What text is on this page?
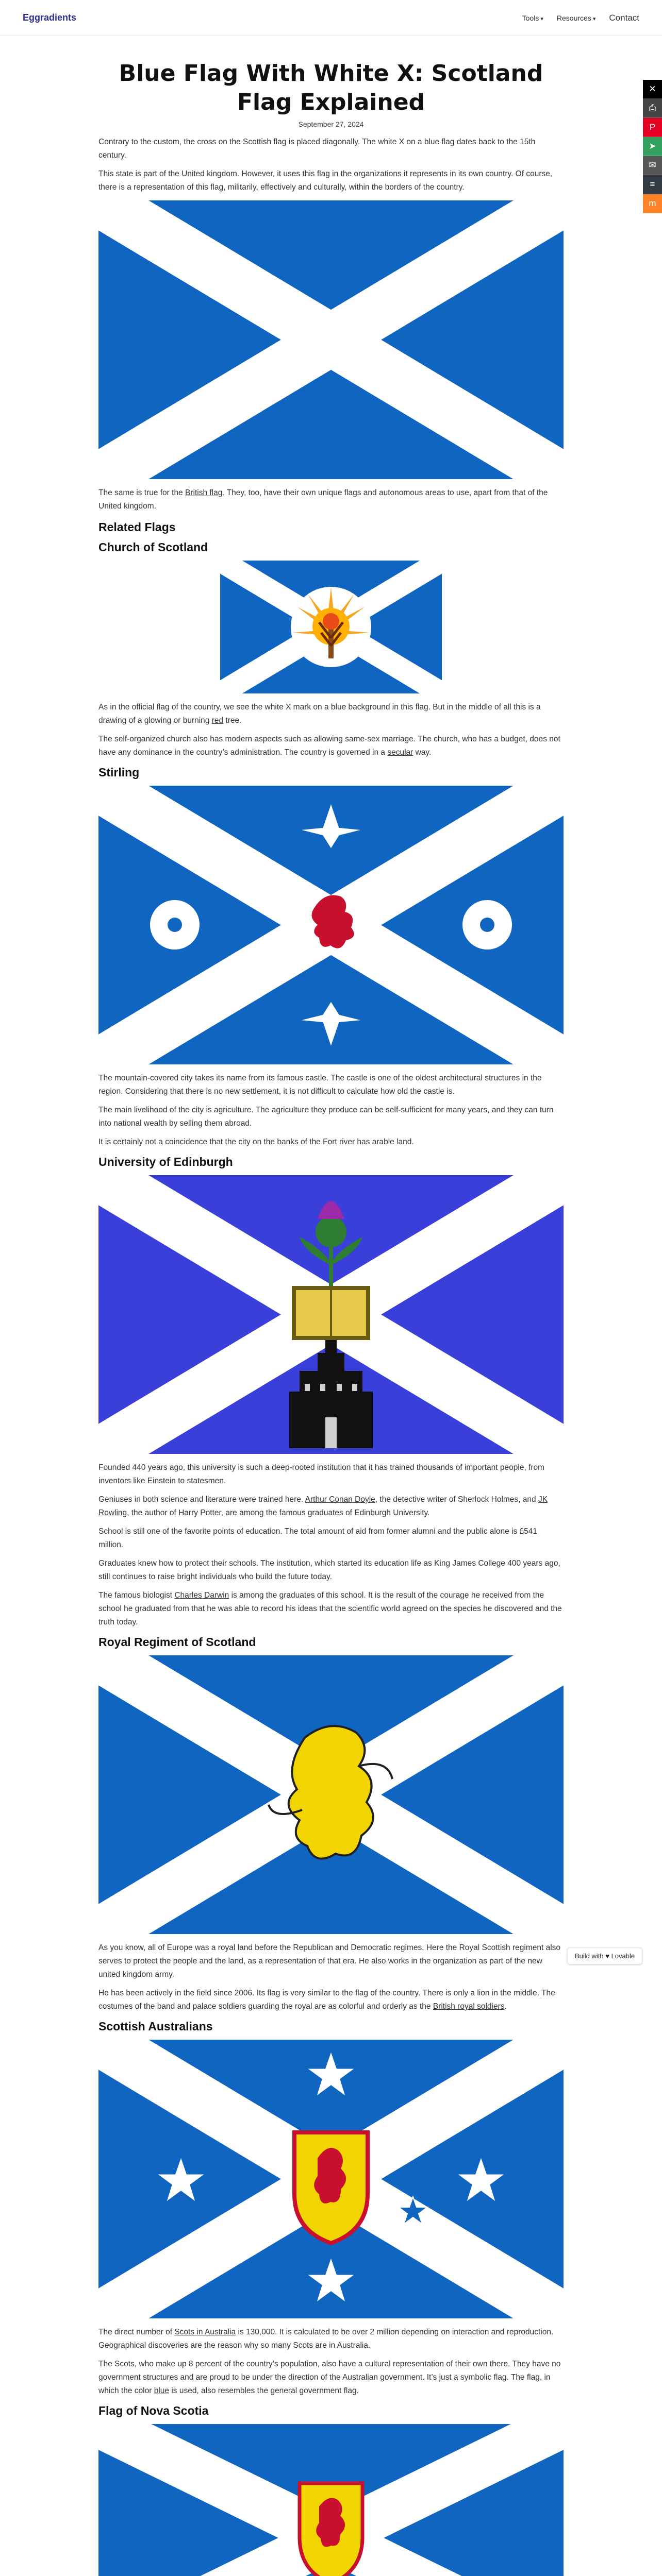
Eggradients	Tools ▾	Resources ▾	Contact
✕
⎙
P
➤
✉
≡
m
Build with ♥ Lovable
Blue Flag With White X: Scotland Flag Explained
September 27, 2024

Contrary to the custom, the cross on the Scottish flag is placed diagonally. The white X on a blue flag dates back to the 15th century.

This state is part of the United kingdom. However, it uses this flag in the organizations it represents in its own country. Of course, there is a representation of this flag, militarily, effectively and culturally, within the borders of the country.

The same is true for the British flag. They, too, have their own unique flags and autonomous areas to use, apart from that of the United kingdom.

Related Flags
Church of Scotland

As in the official flag of the country, we see the white X mark on a blue background in this flag. But in the middle of all this is a drawing of a glowing or burning red tree.

The self-organized church also has modern aspects such as allowing same-sex marriage. The church, who has a budget, does not have any dominance in the country’s administration. The country is governed in a secular way.

Stirling

The mountain-covered city takes its name from its famous castle. The castle is one of the oldest architectural structures in the region. Considering that there is no new settlement, it is not difficult to calculate how old the castle is.

The main livelihood of the city is agriculture. The agriculture they produce can be self-sufficient for many years, and they can turn into national wealth by selling them abroad.

It is certainly not a coincidence that the city on the banks of the Fort river has arable land.

University of Edinburgh

Founded 440 years ago, this university is such a deep-rooted institution that it has trained thousands of important people, from inventors like Einstein to statesmen.

Geniuses in both science and literature were trained here. Arthur Conan Doyle, the detective writer of Sherlock Holmes, and JK Rowling, the author of Harry Potter, are among the famous graduates of Edinburgh University.

School is still one of the favorite points of education. The total amount of aid from former alumni and the public alone is £541 million.

Graduates knew how to protect their schools. The institution, which started its education life as King James College 400 years ago, still continues to raise bright individuals who build the future today.

The famous biologist Charles Darwin is among the graduates of this school. It is the result of the courage he received from the school he graduated from that he was able to record his ideas that the scientific world agreed on the species he discovered and the truth today.

Royal Regiment of Scotland

As you know, all of Europe was a royal land before the Republican and Democratic regimes. Here the Royal Scottish regiment also serves to protect the people and the land, as a representation of that era. He also works in the organization as part of the new united kingdom army.

He has been actively in the field since 2006. Its flag is very similar to the flag of the country. There is only a lion in the middle. The costumes of the band and palace soldiers guarding the royal are as colorful and orderly as the British royal soldiers.

Scottish Australians

The direct number of Scots in Australia is 130,000. It is calculated to be over 2 million depending on interaction and reproduction. Geographical discoveries are the reason why so many Scots are in Australia.

The Scots, who make up 8 percent of the country’s population, also have a cultural representation of their own there. They have no government structures and are proud to be under the direction of the Australian government. It’s just a symbolic flag. The flag, in which the color blue is used, also resembles the general government flag.

Flag of Nova Scotia
